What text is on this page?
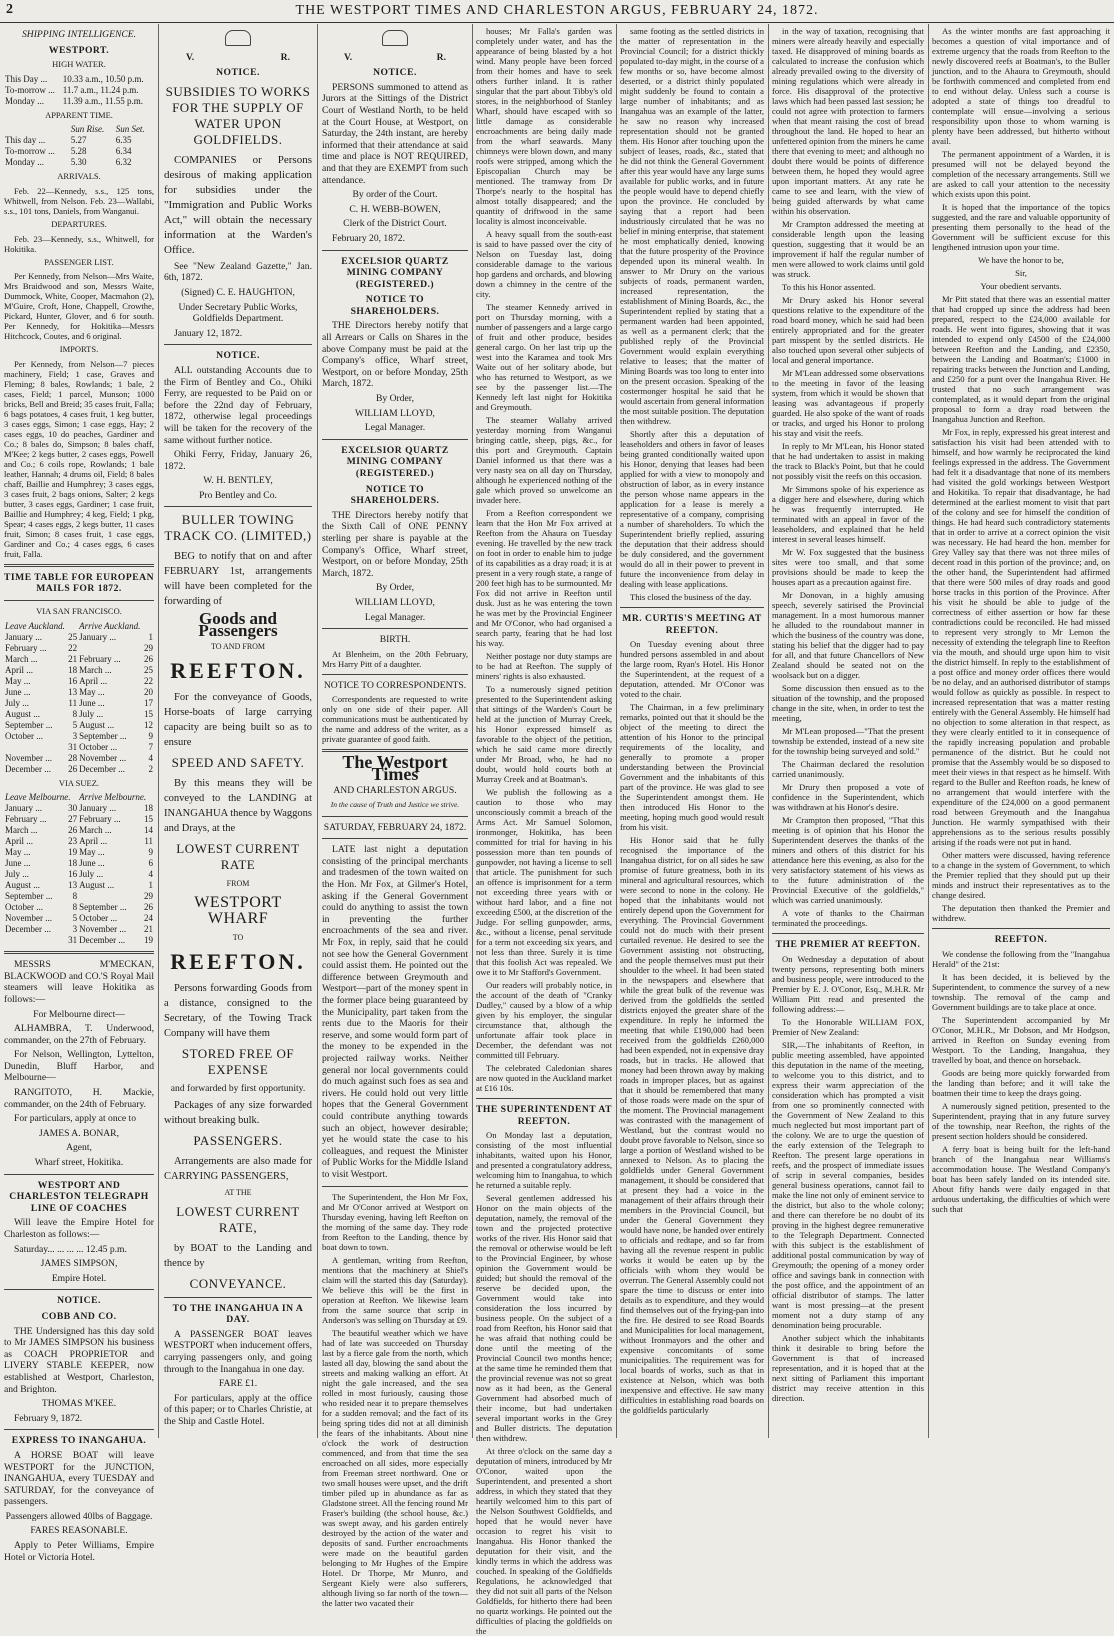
2	THE WESTPORT TIMES AND CHARLESTON ARGUS, FEBRUARY 24, 1872.

SHIPPING INTELLIGENCE.

WESTPORT.

HIGH WATER.

This Day ...	10.33 a.m., 10.50 p.m.
To-morrow ...	11.7 a.m., 11.24 p.m.
Monday ...	11.39 a.m., 11.55 p.m.

APPARENT TIME.

	Sun Rise.	Sun Set.
This day ...	5.27	6.35
To-morrow ...	5.28	6.34
Monday ...	5.30	6.32

ARRIVALS.

Feb. 22—Kennedy, s.s., 125 tons, Whitwell, from Nelson. Feb. 23—Wallabi, s.s., 101 tons, Daniels, from Wanganui.

DEPARTURES.

Feb. 23—Kennedy, s.s., Whitwell, for Hokitika.

PASSENGER LIST.

Per Kennedy, from Nelson—Mrs Waite, Mrs Braidwood and son, Messrs Waite, Dummock, White, Cooper, Macmahon (2), M'Guire, Croft, Hone, Chappell, Crowthe, Pickard, Hunter, Glover, and 6 for south. Per Kennedy, for Hokitika—Messrs Hitchcock, Coutes, and 6 original.

IMPORTS.

Per Kennedy, from Nelson—7 pieces machinery, Field; 1 case, Graves and Fleming; 8 bales, Rowlands; 1 bale, 2 cases, Field; 1 parcel, Munson; 1000 bricks, Bell and Breid; 35 cases fruit, Falla; 6 bags potatoes, 4 cases fruit, 1 keg butter, 3 cases eggs, Simon; 1 case eggs, Hay; 2 cases eggs, 10 do peaches, Gardiner and Co.; 8 bales do, Simpson; 8 bales chaff, M'Kee; 2 kegs butter, 2 cases eggs, Powell and Co.; 6 coils rope, Rowlands; 1 bale leather, Hannah; 4 drums oil, Field; 8 bales chaff, Baillie and Humphrey; 3 cases eggs, 3 cases fruit, 2 bags onions, Salter; 2 kegs butter, 3 cases eggs, Gardiner; 1 case fruit, Baillie and Humphrey; 4 keg, Field; 1 pkg, Spear; 4 cases eggs, 2 kegs butter, 11 cases fruit, Simon; 8 cases fruit, 1 case eggs, Gardiner and Co.; 4 cases eggs, 6 cases fruit, Falla.

TIME TABLE FOR EUROPEAN MAILS FOR 1872.

VIA SAN FRANCISCO.

Leave Auckland.		Arrive Auckland.	
January ...	25	January ...	1
February ...	22		29
March ...	21	February ...	26
April ...	18	March ...	25
May ...	16	April ...	22
June ...	13	May ...	20
July ...	11	June ...	17
August ...	8	July ...	15
September ...	5	August ...	12
October ...	3	September ...	9
	31	October ...	7
November ...	28	November ...	4
December ...	26	December ...	2

VIA SUEZ.

Leave Melbourne.		Arrive Melbourne.	
January ...	30	January ...	18
February ...	27	February ...	15
March ...	26	March ...	14
April ...	23	April ...	11
May ...	19	May ...	9
June ...	18	June ...	6
July ...	16	July ...	4
August ...	13	August ...	1
September ...	8		29
October ...	8	September ...	26
November ...	5	October ...	24
December ...	3	November ...	21
	31	December ...	19

MESSRS M'MECKAN, BLACKWOOD and CO.'S Royal Mail steamers will leave Hokitika as follows:—

For Melbourne direct—

ALHAMBRA, T. Underwood, commander, on the 27th of February.

For Nelson, Wellington, Lyttelton, Dunedin, Bluff Harbor, and Melbourne—

RANGITOTO, H. Mackie, commander, on the 24th of February.

For particulars, apply at once to

JAMES A. BONAR,

Agent,

Wharf street, Hokitika.

WESTPORT AND CHARLESTON TELEGRAPH LINE OF COACHES

Will leave the Empire Hotel for Charleston as follows:—

Saturday... ... ... ... 12.45 p.m.

JAMES SIMPSON,

Empire Hotel.

NOTICE.

COBB AND CO.

THE Undersigned has this day sold to Mr JAMES SIMPSON his business as COACH PROPRIETOR and LIVERY STABLE KEEPER, now established at Westport, Charleston, and Brighton.

THOMAS M'KEE.

February 9, 1872.

EXPRESS TO INANGAHUA.

A HORSE BOAT will leave WESTPORT for the JUNCTION, INANGAHUA, every TUESDAY and SATURDAY, for the conveyance of passengers.

Passengers allowed 40lbs of Baggage.

FARES REASONABLE.

Apply to Peter Williams, Empire Hotel or Victoria Hotel.

V.	R.

NOTICE.

SUBSIDIES TO WORKS FOR THE SUPPLY OF WATER UPON GOLDFIELDS.

COMPANIES or Persons desirous of making application for subsidies under the "Immigration and Public Works Act," will obtain the necessary information at the Warden's Office.

See "New Zealand Gazette," Jan. 6th, 1872.

(Signed) C. E. HAUGHTON,

Under Secretary Public Works, Goldfields Department.

January 12, 1872.

NOTICE.

ALL outstanding Accounts due to the Firm of Bentley and Co., Ohiki Ferry, are requested to be Paid on or before the 22nd day of February, 1872, otherwise legal proceedings will be taken for the recovery of the same without further notice.

Ohiki Ferry, Friday, January 26, 1872.

W. H. BENTLEY,

Pro Bentley and Co.

BULLER TOWING TRACK CO. (LIMITED,)

BEG to notify that on and after FEBRUARY 1st, arrangements will have been completed for the forwarding of

Goods and Passengers

TO AND FROM

REEFTON.

For the conveyance of Goods, Horse-boats of large carrying capacity are being built so as to ensure

SPEED AND SAFETY.

By this means they will be conveyed to the LANDING at INANGAHUA thence by Waggons and Drays, at the

LOWEST CURRENT RATE

FROM

WESTPORT WHARF

TO

REEFTON.

Persons forwarding Goods from a distance, consigned to the Secretary, of the Towing Track Company will have them

STORED FREE OF EXPENSE

and forwarded by first opportunity.

Packages of any size forwarded without breaking bulk.

PASSENGERS.

Arrangements are also made for CARRYING PASSENGERS,

AT THE

LOWEST CURRENT RATE,

by BOAT to the Landing and thence by

CONVEYANCE.

TO THE INANGAHUA IN A DAY.

A PASSENGER BOAT leaves WESTPORT when inducement offers, carrying passengers only, and going through to the Inangahua in one day.

FARE £1.

For particulars, apply at the office of this paper; or to Charles Christie, at the Ship and Castle Hotel.

V.	R.

NOTICE.

PERSONS summoned to attend as Jurors at the Sittings of the District Court of Westland North, to be held at the Court House, at Westport, on Saturday, the 24th instant, are hereby informed that their attendance at said time and place is NOT REQUIRED, and that they are EXEMPT from such attendance.

By order of the Court.

C. H. WEBB-BOWEN,

Clerk of the District Court.

February 20, 1872.

EXCELSIOR QUARTZ MINING COMPANY (REGISTERED.)

NOTICE TO SHAREHOLDERS.

THE Directors hereby notify that all Arrears or Calls on Shares in the above Company must be paid at the Company's office, Wharf street, Westport, on or before Monday, 25th March, 1872.

By Order,

WILLIAM LLOYD,

Legal Manager.

EXCELSIOR QUARTZ MINING COMPANY (REGISTERED.)

NOTICE TO SHAREHOLDERS.

THE Directors hereby notify that the Sixth Call of ONE PENNY sterling per share is payable at the Company's Office, Wharf street, Westport, on or before Monday, 25th March, 1872.

By Order,

WILLIAM LLOYD,

Legal Manager.

BIRTH.

At Blenheim, on the 20th February, Mrs Harry Pitt of a daughter.

NOTICE TO CORRESPONDENTS.

Correspondents are requested to write only on one side of their paper. All communications must be authenticated by the name and address of the writer, as a private guarantee of good faith.

The Westport Times

AND CHARLESTON ARGUS.

In the cause of Truth and Justice we strive.

SATURDAY, FEBRUARY 24, 1872.

LATE last night a deputation consisting of the principal merchants and tradesmen of the town waited on the Hon. Mr Fox, at Gilmer's Hotel, asking if the General Government could do anything to assist the town in preventing the further encroachments of the sea and river. Mr Fox, in reply, said that he could not see how the General Government could assist them. He pointed out the difference between Greymouth and Westport—part of the money spent in the former place being guaranteed by the Municipality, part taken from the rents due to the Maoris for their reserve, and some would form part of the money to be expended in the projected railway works. Neither general nor local governments could do much against such foes as sea and rivers. He could hold out very little hopes that the General Government could contribute anything towards such an object, however desirable; yet he would state the case to his colleagues, and request the Minister of Public Works for the Middle Island to visit Westport.

The Superintendent, the Hon Mr Fox, and Mr O'Conor arrived at Westport on Thursday evening, having left Reefton on the morning of the same day. They rode from Reefton to the Landing, thence by boat down to town.

A gentleman, writing from Reefton, mentions that the machinery at Shiel's claim will the started this day (Saturday). We believe this will be the first in operation at Reefton. We likewise learn from the same source that scrip in Anderson's was selling on Thursday at £9.

The beautiful weather which we have had of late was succeeded on Thursday last by a fierce gale from the north, which lasted all day, blowing the sand about the streets and making walking an effort. At night the gale increased, and the sea rolled in most furiously, causing those who resided near it to prepare themselves for a sudden removal; and the fact of its being spring tides did not at all diminish the fears of the inhabitants. About nine o'clock the work of destruction commenced, and from that time the sea encroached on all sides, more especially from Freeman street northward. One or two small houses were upset, and the drift timber piled up in abundance as far as Gladstone street. All the fencing round Mr Fraser's building (the school house, &c.) was swept away, and his garden entirely destroyed by the action of the water and deposits of sand. Further encroachments were made on the beautiful garden belonging to Mr Hughes of the Empire Hotel. Dr Thorpe, Mr Munro, and Sergeant Kiely were also sufferers, although living so far north of the town—the latter two vacated their

houses; Mr Falla's garden was completely under water, and has the appearance of being blasted by a hot wind. Many people have been forced from their homes and have to seek others further inland. It is rather singular that the part about Tibby's old stores, in the neighborhood of Stanley Wharf, should have escaped with so little damage as considerable encroachments are being daily made from the wharf seawards. Many chimneys were blown down, and many roofs were stripped, among which the Episcopalian Church may be mentioned. The tramway from Dr Thorpe's nearly to the hospital has almost totally disappeared; and the quantity of driftwood in the same locality is almost inconceivable.

A heavy squall from the south-east is said to have passed over the city of Nelson on Tuesday last, doing considerable damage to the various hop gardens and orchards, and blowing down a chimney in the centre of the city.

The steamer Kennedy arrived in port on Thursday morning, with a number of passengers and a large cargo of fruit and other produce, besides general cargo. On her last trip up the west into the Karamea and took Mrs Waite out of her solitary abode, but who has returned to Westport, as we see by the passenger list.—The Kennedy left last night for Hokitika and Greymouth.

The steamer Wallaby arrived yesterday morning from Wanganui bringing cattle, sheep, pigs, &c., for this port and Greymouth. Captain Daniel informed us that there was a very nasty sea on all day on Thursday, although he experienced nothing of the gale which proved so unwelcome an invader here.

From a Reefton correspondent we learn that the Hon Mr Fox arrived at Reefton from the Ahaura on Tuesday evening. He travelled by the new track on foot in order to enable him to judge of its capabilities as a dray road; it is at present in a very rough state, a range of 200 feet high has to be surmounted. Mr Fox did not arrive in Reefton until dusk. Just as he was entering the town he was met by the Provincial Engineer and Mr O'Conor, who had organised a search party, fearing that he had lost his way.

Neither postage nor duty stamps are to be had at Reefton. The supply of miners' rights is also exhausted.

To a numerously signed petition presented to the Superintendent asking that sittings of the Warden's Court be held at the junction of Murray Creek, his Honor expressed himself as favorable to the object of the petition, which he said came more directly under Mr Broad, who, he had no doubt, would hold courts both at Murray Creek and at Boatman's.

We publish the following as a caution to those who may unconsciously commit a breach of the Arms Act. Mr Samuel Solomon, ironmonger, Hokitika, has been committed for trial for having in his possession more than ten pounds of gunpowder, not having a license to sell that article. The punishment for such an offence is imprisonment for a term not exceeding three years with or without hard labor, and a fine not exceeding £500, at the discretion of the Judge. For selling gunpowder, arms, &c., without a license, penal servitude for a term not exceeding six years, and not less than three. Surely it is time that this foolish Act was repealed. We owe it to Mr Stafford's Government.

Our readers will probably notice, in the account of the death of "Cranky Dudley," caused by a blow of a whip given by his employer, the singular circumstance that, although the unfortunate affair took place in December, the defendant was not committed till February.

The celebrated Caledonian shares are now quoted in the Auckland market at £16 10s.

THE SUPERINTENDENT AT REEFTON.

On Monday last a deputation, consisting of the most influential inhabitants, waited upon his Honor, and presented a congratulatory address, welcoming him to Inangahua, to which he returned a suitable reply.

Several gentlemen addressed his Honor on the main objects of the deputation, namely, the removal of the town and the projected protective works of the river. His Honor said that the removal or otherwise would be left to the Provincial Engineer, by whose opinion the Government would be guided; but should the removal of the reserve be decided upon, the Government would take into consideration the loss incurred by business people. On the subject of a road from Reefton, his Honor said that he was afraid that nothing could be done until the meeting of the Provincial Council two months hence; at the same time he reminded them that the provincial revenue was not so great now as it had been, as the General Government had absorbed much of their income, but had undertaken several important works in the Grey and Buller districts. The deputation then withdrew.

At three o'clock on the same day a deputation of miners, introduced by Mr O'Conor, waited upon the Superintendent, and presented a short address, in which they stated that they heartily welcomed him to this part of the Nelson Southwest Goldfields, and hoped that he would never have occasion to regret his visit to Inangahua. His Honor thanked the deputation for their visit, and the kindly terms in which the address was couched. In speaking of the Goldfields Regulations, he acknowledged that they did not suit all parts of the Nelson Goldfields, for hitherto there had been no quartz workings. He pointed out the difficulties of placing the goldfields on the

same footing as the settled districts in the matter of representation in the Provincial Council; for a district thickly populated to-day might, in the course of a few months or so, have become almost deserted, or a district thinly populated might suddenly be found to contain a large number of inhabitants; and as Inangahua was an example of the latter, he saw no reason why increased representation should not be granted them. His Honor after touching upon the subject of leases, roads, &c., stated that he did not think the General Government after this year would have any large sums available for public works, and in future the people would have to depend chiefly upon the province. He concluded by saying that a report had been industriously circulated that he was no belief in mining enterprise, that statement he most emphatically denied, knowing that the future prosperity of the Province depended upon its mineral wealth. In answer to Mr Drury on the various subjects of roads, permanent warden, increased representation, the establishment of Mining Boards, &c., the Superintendent replied by stating that a permanent warden had been appointed, as well as a permanent clerk; that the published reply of the Provincial Government would explain everything relative to leases; that the matter of Mining Boards was too long to enter into on the present occasion. Speaking of the costermonger hospital he said that he would ascertain from general information the most suitable position. The deputation then withdrew.

Shortly after this a deputation of leaseholders and others in favor of leases being granted conditionally waited upon his Honor, denying that leases had been applied for with a view to monopoly and obstruction of labor, as in every instance the person whose name appears in the application for a lease is merely a representative of a company, comprising a number of shareholders. To which the Superintendent briefly replied, assuring the deputation that their address should be duly considered, and the government would do all in their power to prevent in future the inconvenience from delay in dealing with lease applications.

This closed the business of the day.

MR. CURTIS'S MEETING AT REEFTON.

On Tuesday evening about three hundred persons assembled in and about the large room, Ryan's Hotel. His Honor the Superintendent, at the request of a deputation, attended. Mr O'Conor was voted to the chair.

The Chairman, in a few preliminary remarks, pointed out that it should be the object of the meeting to direct the attention of his Honor to the principal requirements of the locality, and generally to promote a proper understanding between the Provincial Government and the inhabitants of this part of the province. He was glad to see the Superintendent amongst them. He then introduced His Honor to the meeting, hoping much good would result from his visit.

His Honor said that he fully recognised the importance of the Inangahua district, for on all sides he saw promise of future greatness, both in its mineral and agricultural resources, which were second to none in the colony. He hoped that the inhabitants would not entirely depend upon the Government for everything. The Provincial Government could not do much with their present curtailed revenue. He desired to see the Government assisting not obstructing, and the people themselves must put their shoulder to the wheel. It had been stated in the newspapers and elsewhere that while the great bulk of the revenue was derived from the goldfields the settled districts enjoyed the greater share of the expenditure. In reply he informed the meeting that while £190,000 had been received from the goldfields £260,000 had been expended, not in expensive dray roads, but in tracks. He allowed that money had been thrown away by making roads in improper places, but as against that it should be remembered that many of those roads were made on the spur of the moment. The Provincial management was contrasted with the management of Westland, but the contrast would no doubt prove favorable to Nelson, since so large a portion of Westland wished to be annexed to Nelson. As to placing the goldfields under General Government management, it should be considered that at present they had a voice in the management of their affairs through their members in the Provincial Council, but under the General Government they would have none, be handed over entirely to officials and redtape, and so far from having all the revenue respent in public works it would be eaten up by the officials with whom they would be overrun. The General Assembly could not spare the time to discuss or enter into details as to expenditure, and they would find themselves out of the frying-pan into the fire. He desired to see Road Boards and Municipalities for local management, without Ironmayors and the other and expensive concomitants of some municipalities. The requirement was for local boards of works, such as that in existence at Nelson, which was both inexpensive and effective. He saw many difficulties in establishing road boards on the goldfields particularly

in the way of taxation, recognising that miners were already heavily and especially taxed. He disapproved of mining boards as calculated to increase the confusion which already prevailed owing to the diversity of mining regulations which were already in force. His disapproval of the protective laws which had been passed last session; he could not agree with protection to farmers when that meant raising the cost of bread throughout the land. He hoped to hear an unfettered opinion from the miners he came there that evening to meet; and although no doubt there would be points of difference between them, he hoped they would agree upon important matters. At any rate he came to see and learn, with the view of being guided afterwards by what came within his observation.

Mr Crampton addressed the meeting at considerable length upon the leasing question, suggesting that it would be an improvement if half the regular number of men were allowed to work claims until gold was struck.

To this his Honor assented.

Mr Drury asked his Honor several questions relative to the expenditure of the road board money, which he said had been entirely appropriated and for the greater part misspent by the settled districts. He also touched upon several other subjects of local and general importance.

Mr M'Lean addressed some observations to the meeting in favor of the leasing system, from which it would be shown that leasing was advantageous if properly guarded. He also spoke of the want of roads or tracks, and urged his Honor to prolong his stay and visit the reefs.

In reply to Mr M'Lean, his Honor stated that he had undertaken to assist in making the track to Black's Point, but that he could not possibly visit the reefs on this occasion.

Mr Simmons spoke of his experience as a digger here and elsewhere, during which he was frequently interrupted. He terminated with an appeal in favor of the leaseholders, and explained that he held interest in several leases himself.

Mr W. Fox suggested that the business sites were too small, and that some provisions should be made to keep the houses apart as a precaution against fire.

Mr Donovan, in a highly amusing speech, severely satirised the Provincial management. In a most humorous manner he alluded to the roundabout manner in which the business of the country was done, stating his belief that the digger had to pay for all, and that future Chancellors of New Zealand should be seated not on the woolsack but on a digger.

Some discussion then ensued as to the situation of the township, and the proposed change in the site, when, in order to test the meeting,

Mr M'Lean proposed—"That the present township be extended, instead of a new site for the township being surveyed and sold."

The Chairman declared the resolution carried unanimously.

Mr Drury then proposed a vote of confidence in the Superintendent, which was withdrawn at his Honor's desire.

Mr Crampton then proposed, "That this meeting is of opinion that his Honor the Superintendent deserves the thanks of the miners and others of this district for his attendance here this evening, as also for the very satisfactory statement of his views as to the future administration of the Provincial Executive of the goldfields," which was carried unanimously.

A vote of thanks to the Chairman terminated the proceedings.

THE PREMIER AT REEFTON.

On Wednesday a deputation of about twenty persons, representing both miners and business people, were introduced to the Premier by E. J. O'Conor, Esq., M.H.R. Mr William Pitt read and presented the following address:—

To the Honorable WILLIAM FOX, Premier of New Zealand:

SIR,—The inhabitants of Reefton, in public meeting assembled, have appointed this deputation in the name of the meeting, to welcome you to this district, and to express their warm appreciation of the consideration which has prompted a visit from one so prominently connected with the Government of New Zealand to this much neglected but most important part of the colony. We are to urge the question of the early extension of the Telegraph to Reefton. The present large operations in reefs, and the prospect of immediate issues of scrip in several companies, besides general business operations, cannot fail to make the line not only of eminent service to the district, but also to the whole colony; and there can therefore be no doubt of its proving in the highest degree remunerative to the Telegraph Department. Connected with this subject is the establishment of additional postal communication by way of Greymouth; the opening of a money order office and savings bank in connection with the post office, and the appointment of an official distributor of stamps. The latter want is most pressing—at the present moment not a duty stamp of any denomination being procurable.

Another subject which the inhabitants think it desirable to bring before the Government is that of increased representation, and it is hoped that at the next sitting of Parliament this important district may receive attention in this direction.

As the winter months are fast approaching it becomes a question of vital importance and of extreme urgency that the roads from Reefton to the newly discovered reefs at Boatman's, to the Buller junction, and to the Ahaura to Greymouth, should be forthwith commenced and completed from end to end without delay. Unless such a course is adopted a state of things too dreadful to contemplate will ensue—involving a serious responsibility upon those to whom warning is plenty have been addressed, but hitherto without avail.

The permanent appointment of a Warden, it is presumed will not be delayed beyond the completion of the necessary arrangements. Still we are asked to call your attention to the necessity which exists upon this point.

It is hoped that the importance of the topics suggested, and the rare and valuable opportunity of presenting them personally to the head of the Government will be sufficient excuse for this lengthened intrusion upon your time.

We have the honor to be,

Sir,

Your obedient servants.

Mr Pitt stated that there was an essential matter that had cropped up since the address had been prepared, respect to the £24,000 available for roads. He went into figures, showing that it was intended to expend only £4500 of the £24,000 between Reefton and the Landing, and £2350, between the Landing and Boatman's; £1000 in repairing tracks between the Junction and Landing, and £250 for a punt over the Inangahua River. He trusted that no such arrangement was contemplated, as it would depart from the original proposal to form a dray road between the Inangahua Junction and Reefton.

Mr Fox, in reply, expressed his great interest and satisfaction his visit had been attended with to himself, and how warmly he reciprocated the kind feelings expressed in the address. The Government had felt it a disadvantage that none of its members had visited the gold workings between Westport and Hokitika. To repair that disadvantage, he had determined at the earliest moment to visit that part of the colony and see for himself the condition of things. He had heard such contradictory statements that in order to arrive at a correct opinion the visit was necessary. He had heard the hon. member for Grey Valley say that there was not three miles of decent road in this portion of the province; and, on the other hand, the Superintendent had affirmed that there were 500 miles of dray roads and good horse tracks in this portion of the Province. After his visit he should be able to judge of the correctness of either assertion or how far these contradictions could be reconciled. He had missed to represent very strongly to Mr Lemon the necessity of extending the telegraph line to Reefton via the mouth, and should urge upon him to visit the district himself. In reply to the establishment of a post office and money order offices there would be no delay, and an authorised distributor of stamps would follow as quickly as possible. In respect to increased representation that was a matter resting entirely with the General Assembly. He himself had no objection to some alteration in that respect, as they were clearly entitled to it in consequence of the rapidly increasing population and probable permanence of the district. But he could not promise that the Assembly would be so disposed to meet their views in that respect as he himself. With regard to the Buller and Reefton roads, he knew of no arrangement that would interfere with the expenditure of the £24,000 on a good permanent road between Greymouth and the Inangahua Junction. He warmly sympathised with their apprehensions as to the serious results possibly arising if the roads were not put in hand.

Other matters were discussed, having reference to a change in the system of Government, to which the Premier replied that they should put up their minds and instruct their representatives as to the change desired.

The deputation then thanked the Premier and withdrew.

REEFTON.

We condense the following from the "Inangahua Herald" of the 21st:

It has been decided, it is believed by the Superintendent, to commence the survey of a new township. The removal of the camp and Government buildings are to take place at once.

The Superintendent accompanied by Mr O'Conor, M.H.R., Mr Dobson, and Mr Hodgson, arrived in Reefton on Sunday evening from Westport. To the Landing, Inangahua, they travelled by boat, and thence on horseback.

Goods are being more quickly forwarded from the landing than before; and it will take the boatmen their time to keep the drays going.

A numerously signed petition, presented to the Superintendent, praying that in any future survey of the township, near Reefton, the rights of the present section holders should be considered.

A ferry boat is being built for the left-hand branch of the Inangahua near Williams's accommodation house. The Westland Company's boat has been safely landed on its intended site. About fifty hands were daily engaged in that arduous undertaking, the difficulties of which were such that
